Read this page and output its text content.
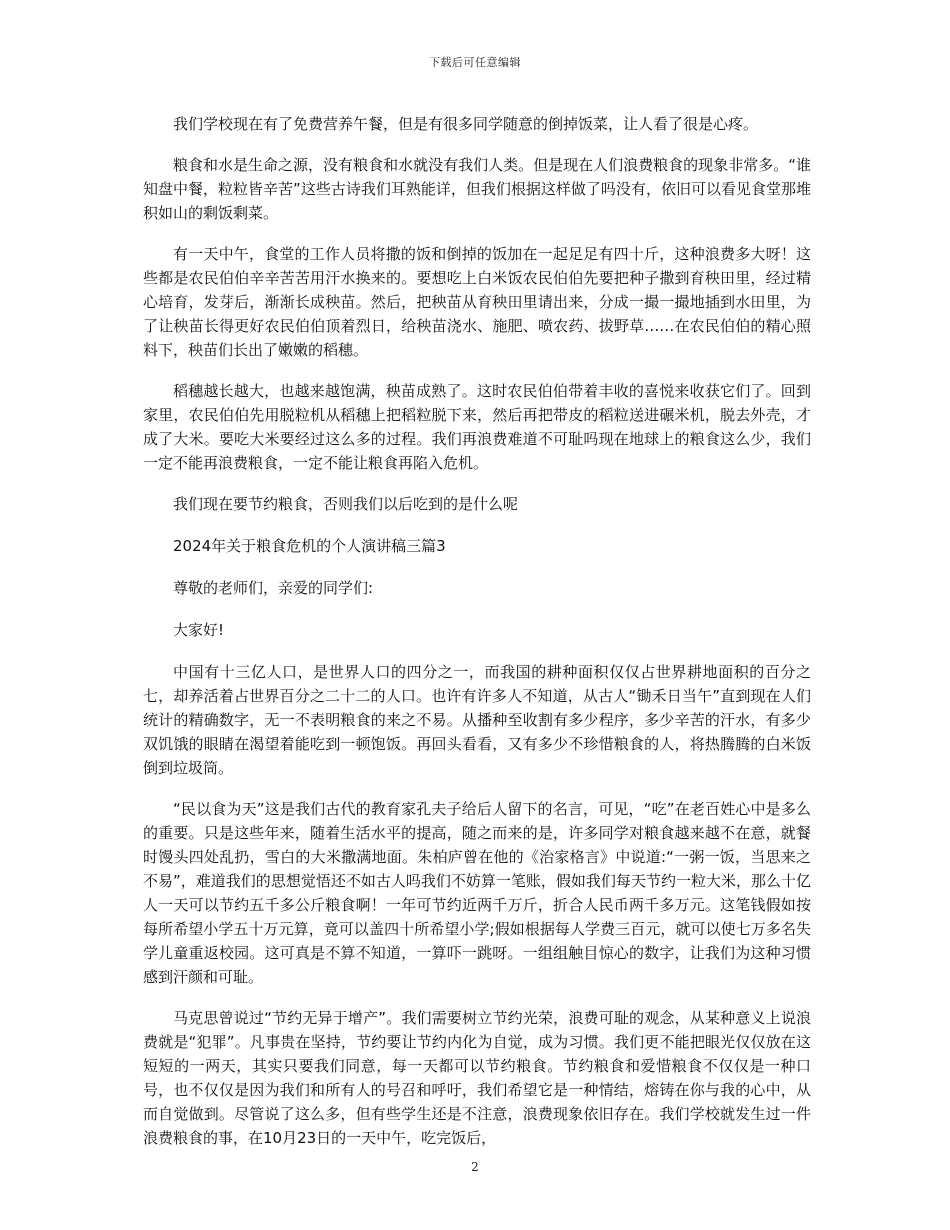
下载后可任意编辑

我们学校现在有了免费营养午餐，但是有很多同学随意的倒掉饭菜，让人看了很是心疼。

粮食和水是生命之源，没有粮食和水就没有我们人类。但是现在人们浪费粮食的现象非常多。“谁知盘中餐，粒粒皆辛苦”这些古诗我们耳熟能详，但我们根据这样做了吗没有，依旧可以看见食堂那堆积如山的剩饭剩菜。

有一天中午，食堂的工作人员将撒的饭和倒掉的饭加在一起足足有四十斤，这种浪费多大呀！这些都是农民伯伯辛辛苦苦用汗水换来的。要想吃上白米饭农民伯伯先要把种子撒到育秧田里，经过精心培育，发芽后，渐渐长成秧苗。然后，把秧苗从育秧田里请出来，分成一撮一撮地插到水田里，为了让秧苗长得更好农民伯伯顶着烈日，给秧苗浇水、施肥、喷农药、拔野草……在农民伯伯的精心照料下，秧苗们长出了嫩嫩的稻穗。

稻穗越长越大，也越来越饱满，秧苗成熟了。这时农民伯伯带着丰收的喜悦来收获它们了。回到家里，农民伯伯先用脱粒机从稻穗上把稻粒脱下来，然后再把带皮的稻粒送进碾米机，脱去外壳，才成了大米。要吃大米要经过这么多的过程。我们再浪费难道不可耻吗现在地球上的粮食这么少，我们一定不能再浪费粮食，一定不能让粮食再陷入危机。

我们现在要节约粮食，否则我们以后吃到的是什么呢

2024年关于粮食危机的个人演讲稿三篇3

尊敬的老师们，亲爱的同学们:

大家好!

中国有十三亿人口，是世界人口的四分之一，而我国的耕种面积仅仅占世界耕地面积的百分之七，却养活着占世界百分之二十二的人口。也许有许多人不知道，从古人“锄禾日当午”直到现在人们统计的精确数字，无一不表明粮食的来之不易。从播种至收割有多少程序，多少辛苦的汗水，有多少双饥饿的眼睛在渴望着能吃到一顿饱饭。再回头看看，又有多少不珍惜粮食的人，将热腾腾的白米饭倒到垃圾筒。

“民以食为天”这是我们古代的教育家孔夫子给后人留下的名言，可见，“吃”在老百姓心中是多么的重要。只是这些年来，随着生活水平的提高，随之而来的是，许多同学对粮食越来越不在意，就餐时馒头四处乱扔，雪白的大米撒满地面。朱柏庐曾在他的《治家格言》中说道:“一粥一饭，当思来之不易”，难道我们的思想觉悟还不如古人吗我们不妨算一笔账，假如我们每天节约一粒大米，那么十亿人一天可以节约五千多公斤粮食啊！一年可节约近两千万斤，折合人民币两千多万元。这笔钱假如按每所希望小学五十万元算，竟可以盖四十所希望小学;假如根据每人学费三百元，就可以使七万多名失学儿童重返校园。这可真是不算不知道，一算吓一跳呀。一组组触目惊心的数字，让我们为这种习惯感到汗颜和可耻。

马克思曾说过“节约无异于增产”。我们需要树立节约光荣，浪费可耻的观念，从某种意义上说浪费就是“犯罪”。凡事贵在坚持，节约要让节约内化为自觉，成为习惯。我们更不能把眼光仅仅放在这短短的一两天，其实只要我们同意，每一天都可以节约粮食。节约粮食和爱惜粮食不仅仅是一种口号，也不仅仅是因为我们和所有人的号召和呼吁，我们希望它是一种情结，熔铸在你与我的心中，从而自觉做到。尽管说了这么多，但有些学生还是不注意，浪费现象依旧存在。我们学校就发生过一件浪费粮食的事，在10月23日的一天中午，吃完饭后，

2
